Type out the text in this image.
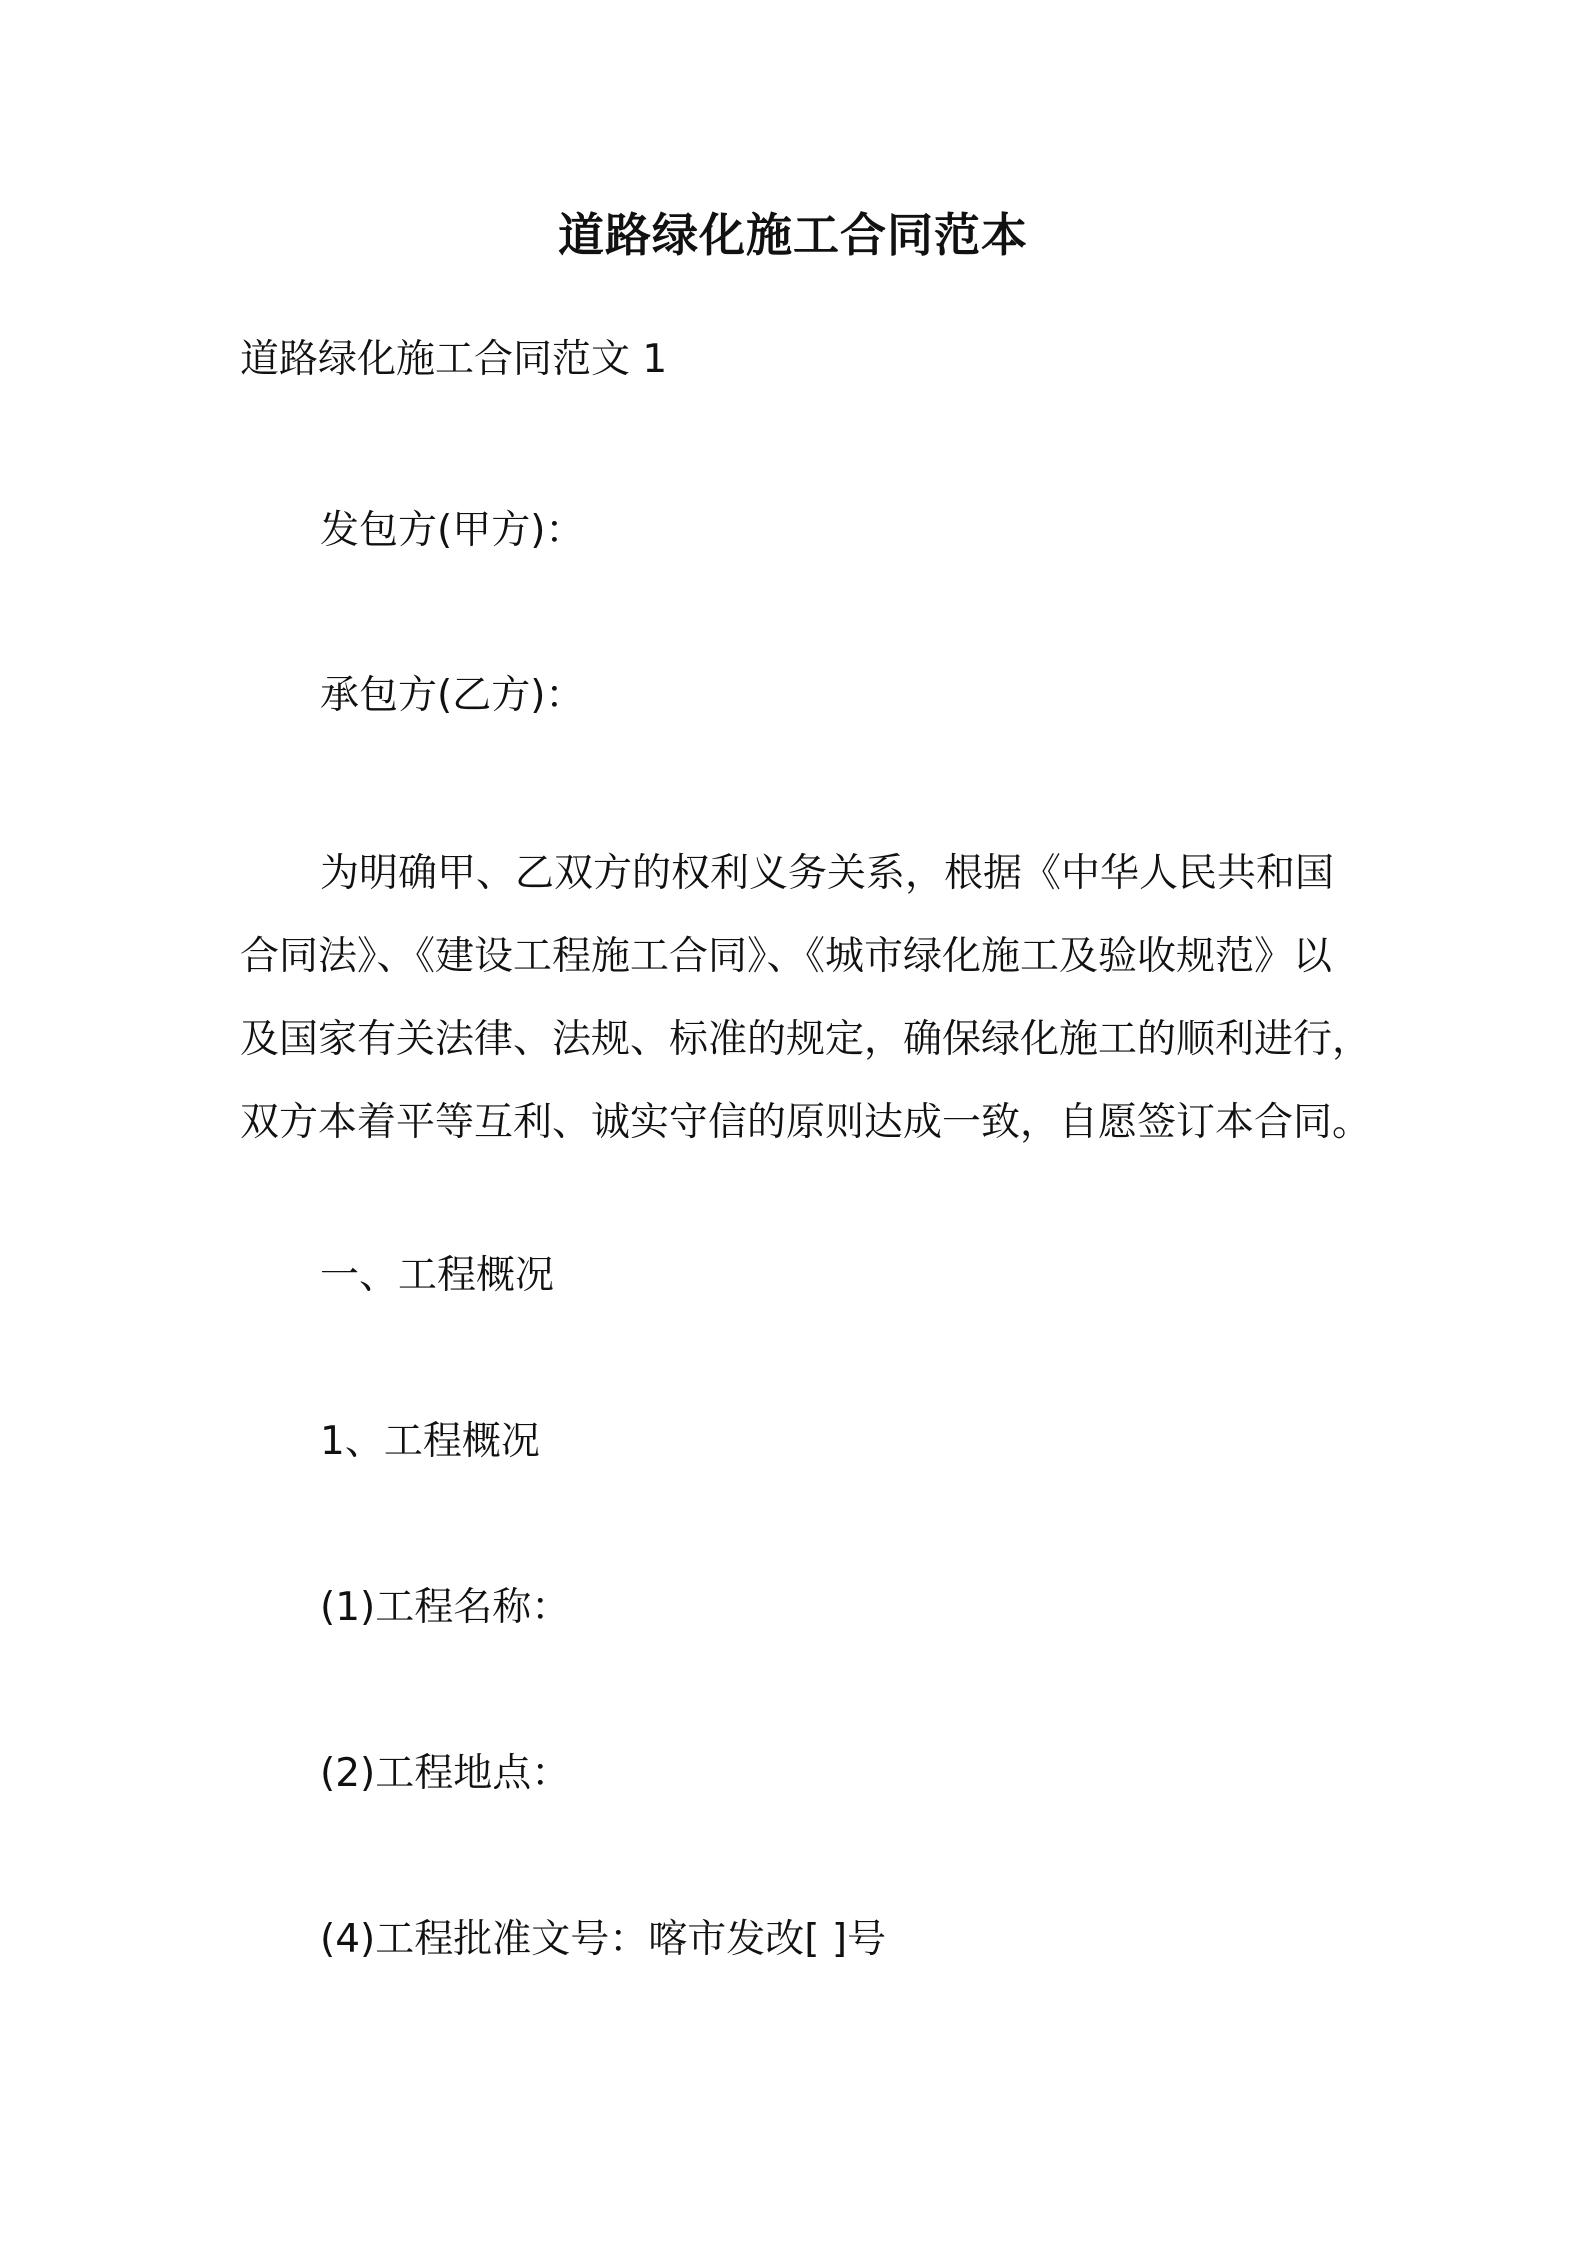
道路绿化施工合同范本
道路绿化施工合同范文 1
发包方(甲方)：
承包方(乙方)：
为明确甲、乙双方的权利义务关系，根据《中华人民共和国
合同法》、《建设工程施工合同》、《城市绿化施工及验收规范》以
及国家有关法律、法规、标准的规定，确保绿化施工的顺利进行，
双方本着平等互利、诚实守信的原则达成一致，自愿签订本合同。
一、工程概况
1、工程概况
(1)工程名称：
(2)工程地点：
(4)工程批准文号：喀市发改[ ]号
